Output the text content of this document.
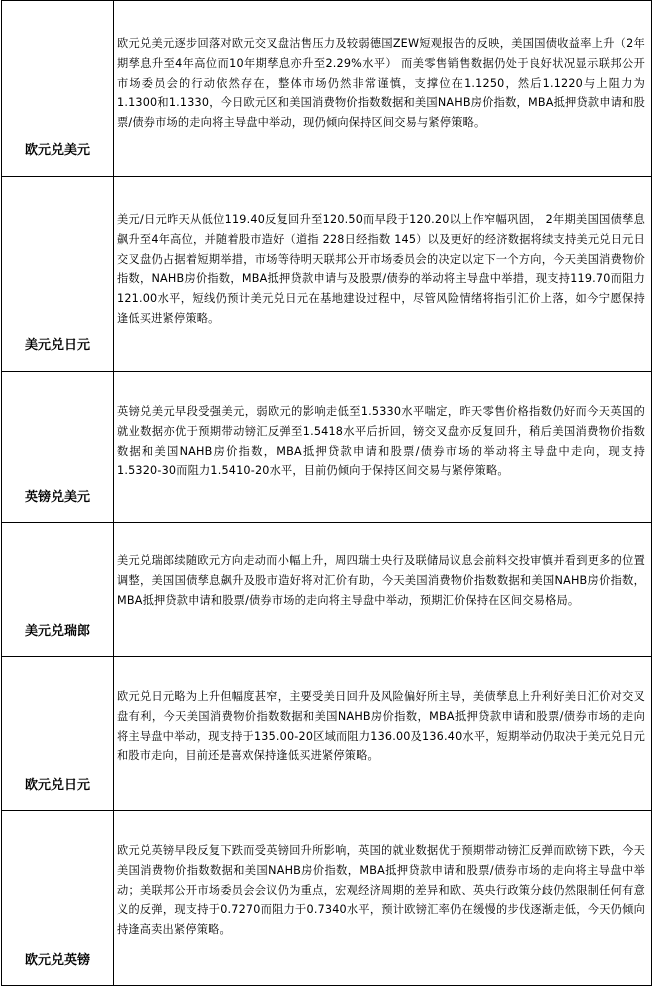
欧元兑美元
欧元兑美元逐步回落对欧元交叉盘沽售压力及较弱德国ZEW短观报告的反映，美国国债收益率上升（2年期孳息升至4年高位而10年期孳息亦升至2.29%水平） 而美零售销售数据仍处于良好状况显示联邦公开市场委员会的行动依然存在，整体市场仍然非常谨慎，支撑位在1.1250，然后1.1220与上阻力为1.1300和1.1330，今日欧元区和美国消费物价指数数据和美国NAHB房价指数，MBA抵押贷款申请和股票/债券市场的走向将主导盘中举动，现仍倾向保持区间交易与紧停策略。
美元兑日元
美元/日元昨天从低位119.40反复回升至120.50而早段于120.20以上作窄幅巩固， 2年期美国国债孳息飙升至4年高位，并随着股市造好（道指 228日经指数 145）以及更好的经济数据将续支持美元兑日元日交叉盘仍占据着短期举措，市场等待明天联邦公开市场委员会的决定以定下一个方向，今天美国消费物价指数，NAHB房价指数，MBA抵押贷款申请与及股票/债券的举动将主导盘中举措，现支持119.70而阻力121.00水平，短线仍预计美元兑日元在基地建设过程中，尽管风险情绪将指引汇价上落，如今宁愿保持逢低买进紧停策略。
英镑兑美元
英镑兑美元早段受强美元，弱欧元的影响走低至1.5330水平喘定，昨天零售价格指数仍好而今天英国的就业数据亦优于预期带动镑汇反弹至1.5418水平后折回，镑交叉盘亦反复回升，稍后美国消费物价指数数据和美国NAHB房价指数，MBA抵押贷款申请和股票/债券市场的举动将主导盘中走向，现支持1.5320-30而阻力1.5410-20水平，目前仍倾向于保持区间交易与紧停策略。
美元兑瑞郎
美元兑瑞郎续随欧元方向走动而小幅上升，周四瑞士央行及联储局议息会前料交投审慎并看到更多的位置调整，美国国债孳息飙升及股市造好将对汇价有助，今天美国消费物价指数数据和美国NAHB房价指数，MBA抵押贷款申请和股票/债券市场的走向将主导盘中举动，预期汇价保持在区间交易格局。
欧元兑日元
欧元兑日元略为上升但幅度甚窄，主要受美日回升及风险偏好所主导，美债孳息上升利好美日汇价对交叉盘有利，今天美国消费物价指数数据和美国NAHB房价指数，MBA抵押贷款申请和股票/债券市场的走向将主导盘中举动，现支持于135.00-20区域而阻力136.00及136.40水平，短期举动仍取决于美元兑日元和股市走向，目前还是喜欢保持逢低买进紧停策略。
欧元兑英镑
欧元兑英镑早段反复下跌而受英镑回升所影响，英国的就业数据优于预期带动镑汇反弹而欧镑下跌，今天美国消费物价指数数据和美国NAHB房价指数，MBA抵押贷款申请和股票/债券市场的走向将主导盘中举动；美联邦公开市场委员会会议仍为重点，宏观经济周期的差异和欧、英央行政策分歧仍然限制任何有意义的反弹，现支持于0.7270而阻力于0.7340水平，预计欧镑汇率仍在缓慢的步伐逐渐走低，今天仍倾向持逢高卖出紧停策略。
